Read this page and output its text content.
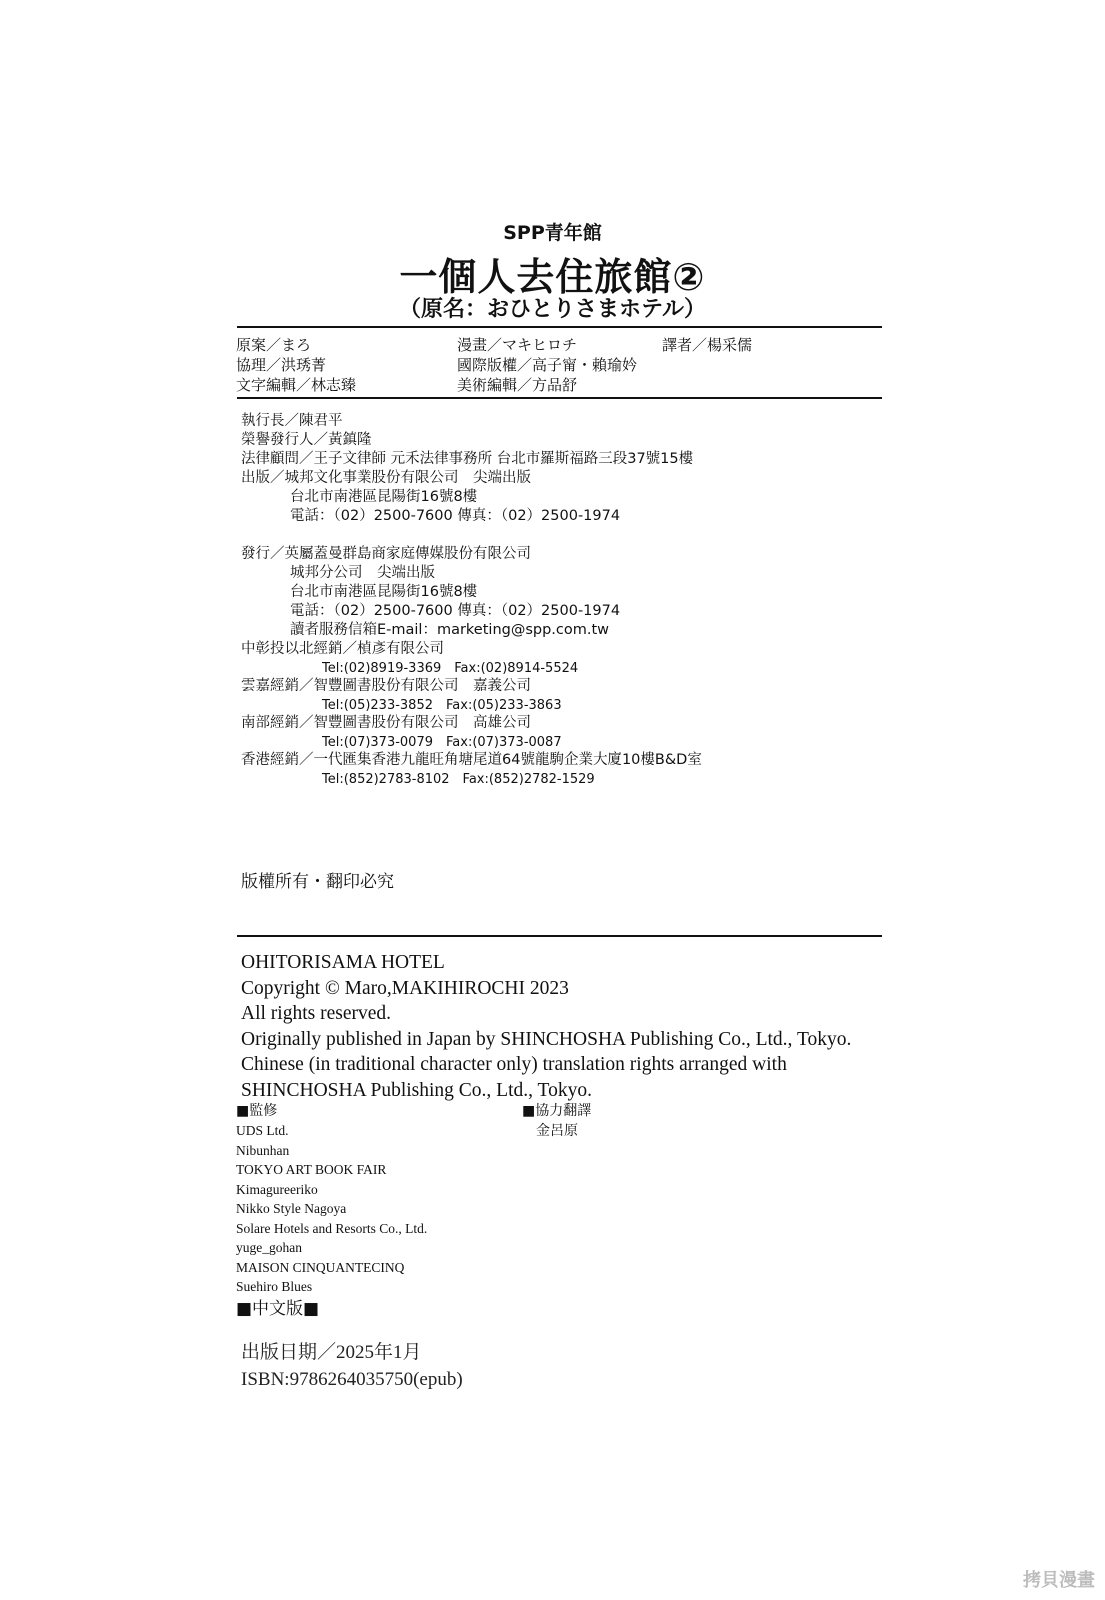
SPP青年館
一個人去住旅館②
（原名：おひとりさまホテル）
原案／まろ
協理／洪琇菁
文字編輯／林志臻
漫畫／マキヒロチ
國際版權／高子甯・賴瑜妗
美術編輯／方品舒
譯者／楊采儒
執行長／陳君平
榮譽發行人／黃鎮隆
法律顧問／王子文律師 元禾法律事務所 台北市羅斯福路三段37號15樓
出版／城邦文化事業股份有限公司　尖端出版
台北市南港區昆陽街16號8樓
電話：（02）2500-7600 傳真：（02）2500-1974
發行／英屬蓋曼群島商家庭傳媒股份有限公司
城邦分公司　尖端出版
台北市南港區昆陽街16號8樓
電話：（02）2500-7600 傳真：（02）2500-1974
讀者服務信箱E-mail：marketing@spp.com.tw
中彰投以北經銷／楨彥有限公司
Tel:(02)8919-3369　Fax:(02)8914-5524
雲嘉經銷／智豐圖書股份有限公司　嘉義公司
Tel:(05)233-3852　Fax:(05)233-3863
南部經銷／智豐圖書股份有限公司　高雄公司
Tel:(07)373-0079　Fax:(07)373-0087
香港經銷／一代匯集香港九龍旺角塘尾道64號龍駒企業大廈10樓B&D室
Tel:(852)2783-8102　Fax:(852)2782-1529
版權所有・翻印必究
OHITORISAMA HOTEL
Copyright © Maro,MAKIHIROCHI 2023
All rights reserved.
Originally published in Japan by SHINCHOSHA Publishing Co., Ltd., Tokyo.
Chinese (in traditional character only) translation rights arranged with
SHINCHOSHA Publishing Co., Ltd., Tokyo.
■監修
UDS Ltd.
Nibunhan
TOKYO ART BOOK FAIR
Kimagureeriko
Nikko Style Nagoya
Solare Hotels and Resorts Co., Ltd.
yuge_gohan
MAISON CINQUANTECINQ
Suehiro Blues
■協力翻譯
金呂原
■中文版■
出版日期／2025年1月
ISBN:9786264035750(epub)
拷貝漫畫
